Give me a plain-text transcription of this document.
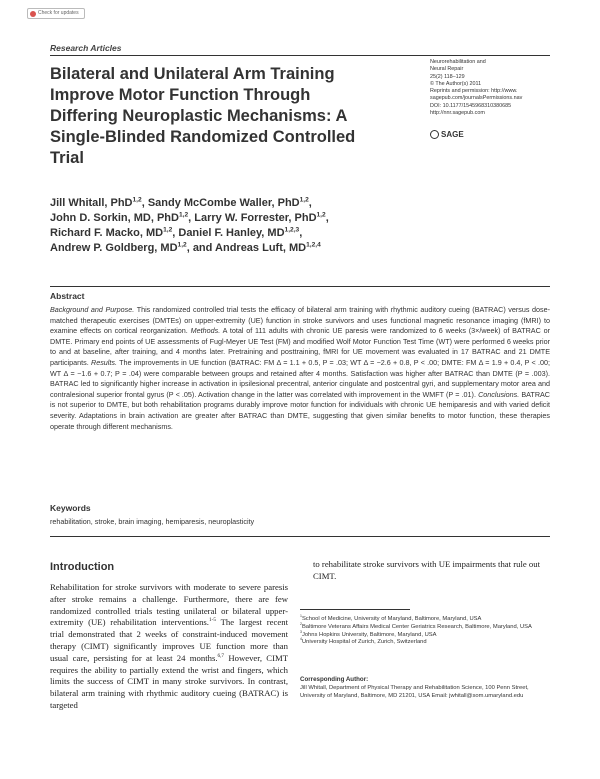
Check for updates
Research Articles
Bilateral and Unilateral Arm Training Improve Motor Function Through Differing Neuroplastic Mechanisms: A Single-Blinded Randomized Controlled Trial
Neurorehabilitation and
Neural Repair
25(2) 118–129
© The Author(s) 2011
Reprints and permission: http://www.
sagepub.com/journalsPermissions.nav
DOI: 10.1177/1545968310380685
http://nnr.sagepub.com
SAGE
Jill Whitall, PhD$^{1,2}$, Sandy McCombe Waller, PhD$^{1,2}$,
John D. Sorkin, MD, PhD$^{1,2}$, Larry W. Forrester, PhD$^{1,2}$,
Richard F. Macko, MD$^{1,2}$, Daniel F. Hanley, MD$^{1,2,3}$,
Andrew P. Goldberg, MD$^{1,2}$, and Andreas Luft, MD$^{1,2,4}$
Abstract
Background and Purpose. This randomized controlled trial tests the efficacy of bilateral arm training with rhythmic auditory cueing (BATRAC) versus dose-matched therapeutic exercises (DMTEs) on upper-extremity (UE) function in stroke survivors and uses functional magnetic resonance imaging (fMRI) to examine effects on cortical reorganization. Methods. A total of 111 adults with chronic UE paresis were randomized to 6 weeks (3×/week) of BATRAC or DMTE. Primary end points of UE assessments of Fugl-Meyer UE Test (FM) and modified Wolf Motor Function Test Time (WT) were performed 6 weeks prior to and at baseline, after training, and 4 months later. Pretraining and posttraining, fMRI for UE movement was evaluated in 17 BATRAC and 21 DMTE participants. Results. The improvements in UE function (BATRAC: FM Δ = 1.1 + 0.5, P = .03; WT Δ = −2.6 + 0.8, P < .00; DMTE: FM Δ = 1.9 + 0.4, P < .00; WT Δ = −1.6 + 0.7; P = .04) were comparable between groups and retained after 4 months. Satisfaction was higher after BATRAC than DMTE (P = .003). BATRAC led to significantly higher increase in activation in ipsilesional precentral, anterior cingulate and postcentral gyri, and supplementary motor area and contralesional superior frontal gyrus (P < .05). Activation change in the latter was correlated with improvement in the WMFT (P = .01). Conclusions. BATRAC is not superior to DMTE, but both rehabilitation programs durably improve motor function for individuals with chronic UE hemiparesis and with varied deficit severity. Adaptations in brain activation are greater after BATRAC than DMTE, suggesting that given similar benefits to motor function, these therapies operate through different mechanisms.
Keywords
rehabilitation, stroke, brain imaging, hemiparesis, neuroplasticity
Introduction
Rehabilitation for stroke survivors with moderate to severe paresis after stroke remains a challenge. Furthermore, there are few randomized controlled trials testing unilateral or bilateral upper-extremity (UE) rehabilitation interventions.$^{1-5}$ The largest recent trial demonstrated that 2 weeks of constraint-induced movement therapy (CIMT) significantly improves UE function more than usual care, persisting for at least 24 months.$^{6,7}$ However, CIMT requires the ability to partially extend the wrist and fingers, which limits the success of CIMT in many stroke survivors. In contrast, bilateral arm training with rhythmic auditory cueing (BATRAC) is targeted
to rehabilitate stroke survivors with UE impairments that rule out CIMT.
$^1$School of Medicine, University of Maryland, Baltimore, Maryland, USA
$^2$Baltimore Veterans Affairs Medical Center Geriatrics Research, Baltimore, Maryland, USA
$^3$Johns Hopkins University, Baltimore, Maryland, USA
$^4$University Hospital of Zurich, Zurich, Switzerland
Corresponding Author:
Jill Whitall, Department of Physical Therapy and Rehabilitation Science, 100 Penn Street, University of Maryland, Baltimore, MD 21201, USA Email: jwhitall@som.umaryland.edu
